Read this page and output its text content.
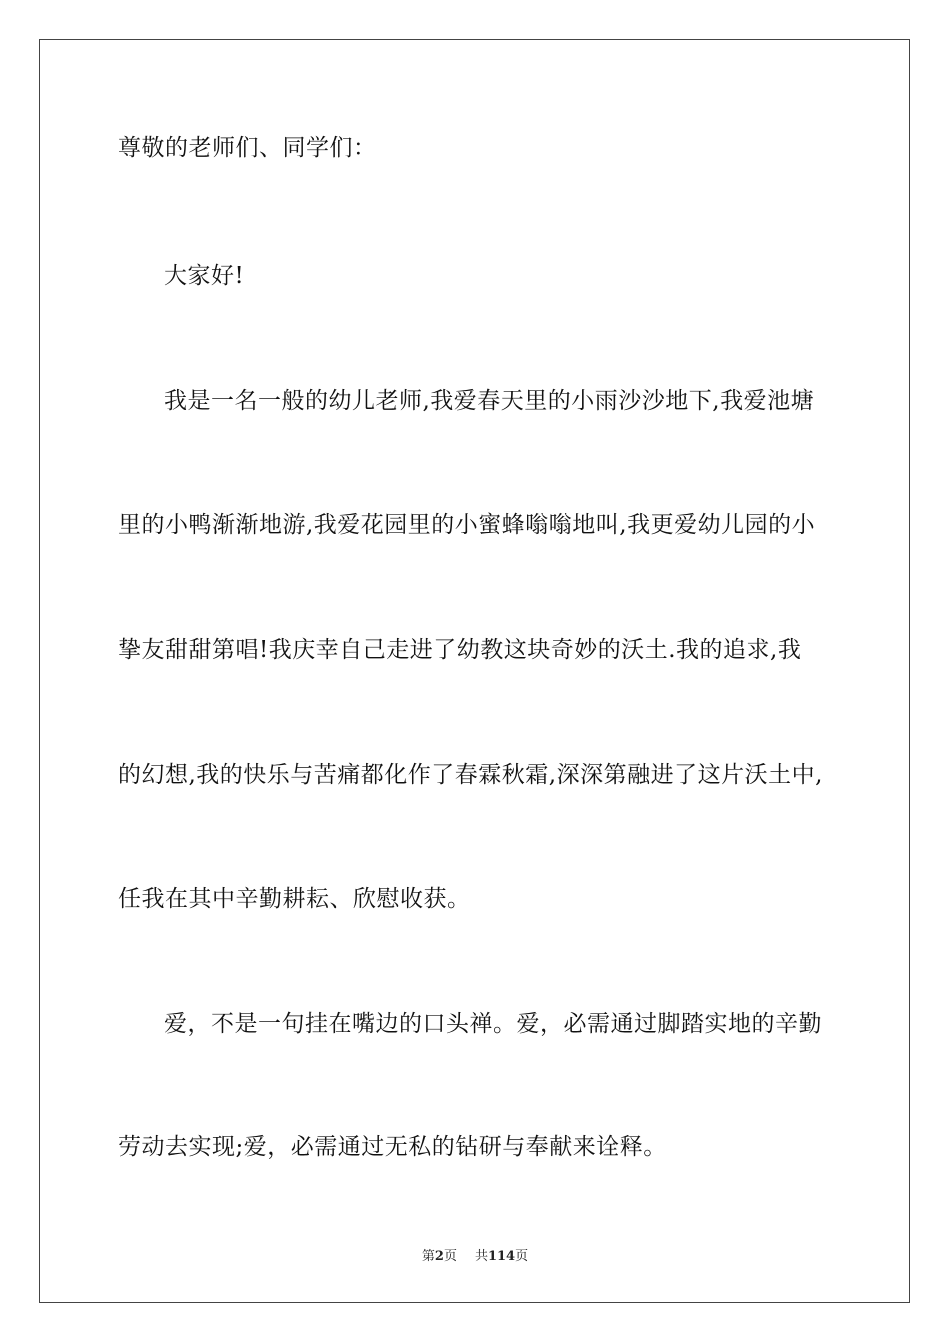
尊敬的老师们、同学们：
大家好!
我是一名一般的幼儿老师,我爱春天里的小雨沙沙地下,我爱池塘
里的小鸭渐渐地游,我爱花园里的小蜜蜂嗡嗡地叫,我更爱幼儿园的小
挚友甜甜第唱!我庆幸自己走进了幼教这块奇妙的沃土.我的追求,我
的幻想,我的快乐与苦痛都化作了春霖秋霜,深深第融进了这片沃土中,
任我在其中辛勤耕耘、欣慰收获。
爱，不是一句挂在嘴边的口头禅。爱，必需通过脚踏实地的辛勤
劳动去实现;爱，必需通过无私的钻研与奉献来诠释。
第2页 共114页
